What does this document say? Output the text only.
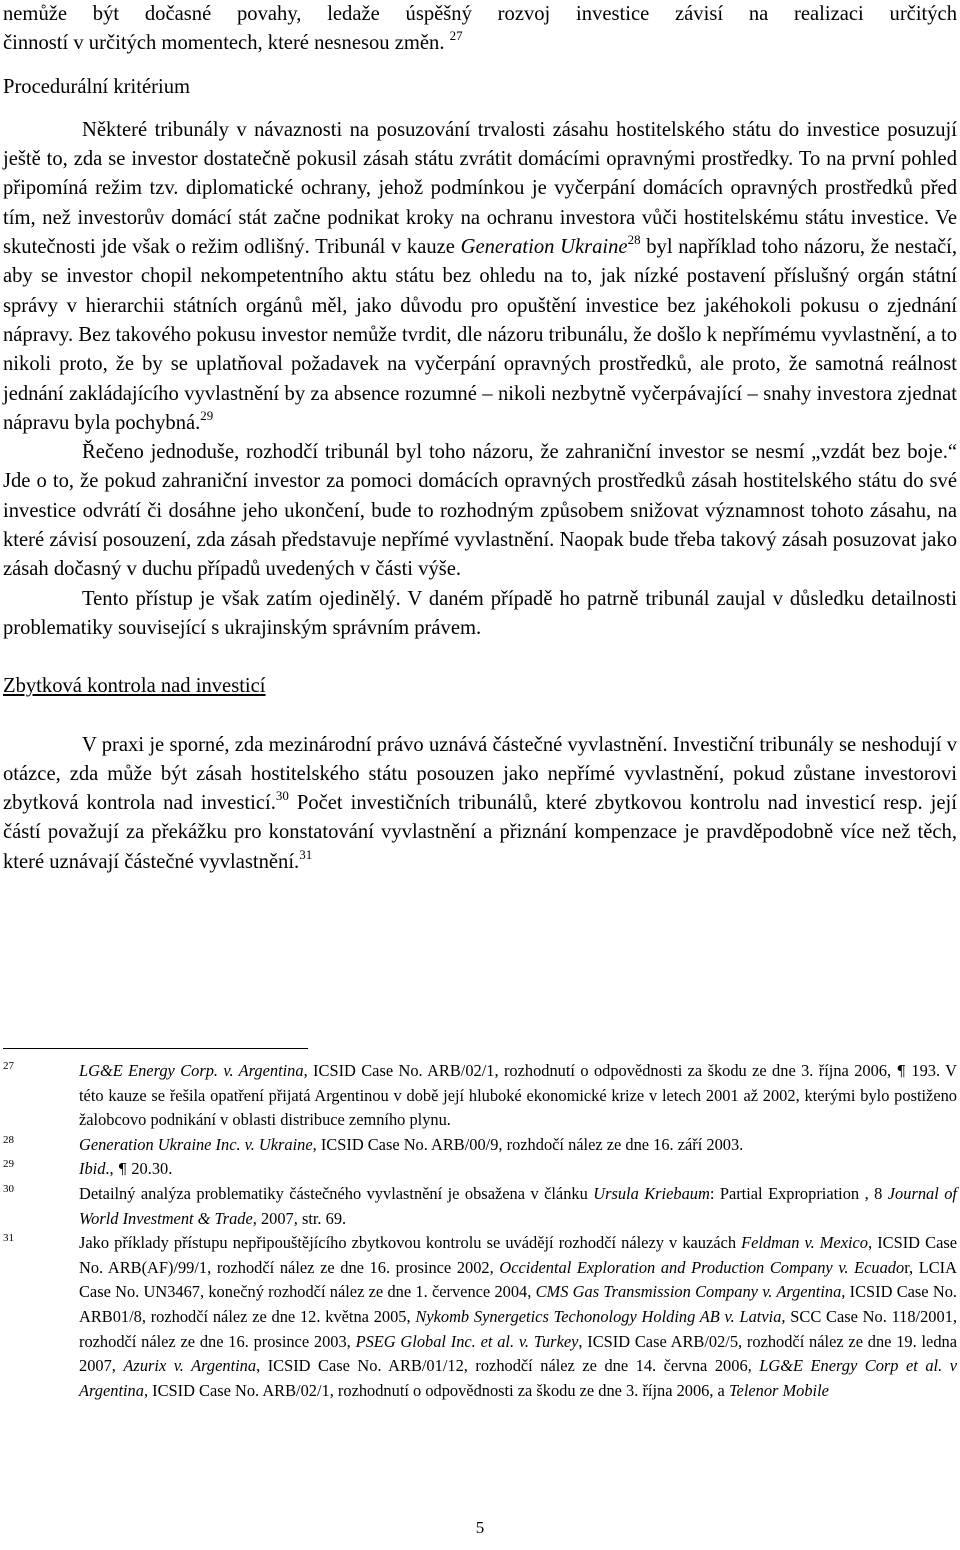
nemůže být dočasné povahy, ledaže úspěšný rozvoj investice závisí na realizaci určitých

činností v určitých momentech, které nesnesou změn. $^{27}$

Procedurální kritérium

Některé tribunály v návaznosti na posuzování trvalosti zásahu hostitelského státu do investice posuzují ještě to, zda se investor dostatečně pokusil zásah státu zvrátit domácími opravnými prostředky. To na první pohled připomíná režim tzv. diplomatické ochrany, jehož podmínkou je vyčerpání domácích opravných prostředků před tím, než investorův domácí stát začne podnikat kroky na ochranu investora vůči hostitelskému státu investice. Ve skutečnosti jde však o režim odlišný. Tribunál v kauze Generation Ukraine$^{28}$ byl například toho názoru, že nestačí, aby se investor chopil nekompetentního aktu státu bez ohledu na to, jak nízké postavení příslušný orgán státní správy v hierarchii státních orgánů měl, jako důvodu pro opuštění investice bez jakéhokoli pokusu o zjednání nápravy. Bez takového pokusu investor nemůže tvrdit, dle názoru tribunálu, že došlo k nepřímému vyvlastnění, a to nikoli proto, že by se uplatňoval požadavek na vyčerpání opravných prostředků, ale proto, že samotná reálnost jednání zakládajícího vyvlastnění by za absence rozumné – nikoli nezbytně vyčerpávající – snahy investora zjednat nápravu byla pochybná.$^{29}$

Řečeno jednoduše, rozhodčí tribunál byl toho názoru, že zahraniční investor se nesmí „vzdát bez boje.“ Jde o to, že pokud zahraniční investor za pomoci domácích opravných prostředků zásah hostitelského státu do své investice odvrátí či dosáhne jeho ukončení, bude to rozhodným způsobem snižovat významnost tohoto zásahu, na které závisí posouzení, zda zásah představuje nepřímé vyvlastnění. Naopak bude třeba takový zásah posuzovat jako zásah dočasný v duchu případů uvedených v části výše.

Tento přístup je však zatím ojedinělý. V daném případě ho patrně tribunál zaujal v důsledku detailnosti problematiky související s ukrajinským správním právem.

Zbytková kontrola nad investicí

V praxi je sporné, zda mezinárodní právo uznává částečné vyvlastnění. Investiční tribunály se neshodují v otázce, zda může být zásah hostitelského státu posouzen jako nepřímé vyvlastnění, pokud zůstane investorovi zbytková kontrola nad investicí.$^{30}$ Počet investičních tribunálů, které zbytkovou kontrolu nad investicí resp. její částí považují za překážku pro konstatování vyvlastnění a přiznání kompenzace je pravděpodobně více než těch, které uznávají částečné vyvlastnění.$^{31}$

27	LG&E Energy Corp. v. Argentina, ICSID Case No. ARB/02/1, rozhodnutí o odpovědnosti za škodu ze dne 3. října 2006, ¶ 193. V této kauze se řešila opatření přijatá Argentinou v době její hluboké ekonomické krize v letech 2001 až 2002, kterými bylo postiženo žalobcovo podnikání v oblasti distribuce zemního plynu.
28	Generation Ukraine Inc. v. Ukraine, ICSID Case No. ARB/00/9, rozhdočí nález ze dne 16. září 2003.
29	Ibid., ¶ 20.30.
30	Detailný analýza problematiky částečného vyvlastnění je obsažena v článku Ursula Kriebaum: Partial Expropriation , 8 Journal of World Investment & Trade, 2007, str. 69.
31	Jako příklady přístupu nepřipouštějícího zbytkovou kontrolu se uvádějí rozhodčí nálezy v kauzách Feldman v. Mexico, ICSID Case No. ARB(AF)/99/1, rozhodčí nález ze dne 16. prosince 2002, Occidental Exploration and Production Company v. Ecuador, LCIA Case No. UN3467, konečný rozhodčí nález ze dne 1. července 2004, CMS Gas Transmission Company v. Argentina, ICSID Case No. ARB01/8, rozhodčí nález ze dne 12. května 2005, Nykomb Synergetics Techonology Holding AB v. Latvia, SCC Case No. 118/2001, rozhodčí nález ze dne 16. prosince 2003, PSEG Global Inc. et al. v. Turkey, ICSID Case ARB/02/5, rozhodčí nález ze dne 19. ledna 2007, Azurix v. Argentina, ICSID Case No. ARB/01/12, rozhodčí nález ze dne 14. června 2006, LG&E Energy Corp et al. v Argentina, ICSID Case No. ARB/02/1, rozhodnutí o odpovědnosti za škodu ze dne 3. října 2006, a Telenor Mobile
5
